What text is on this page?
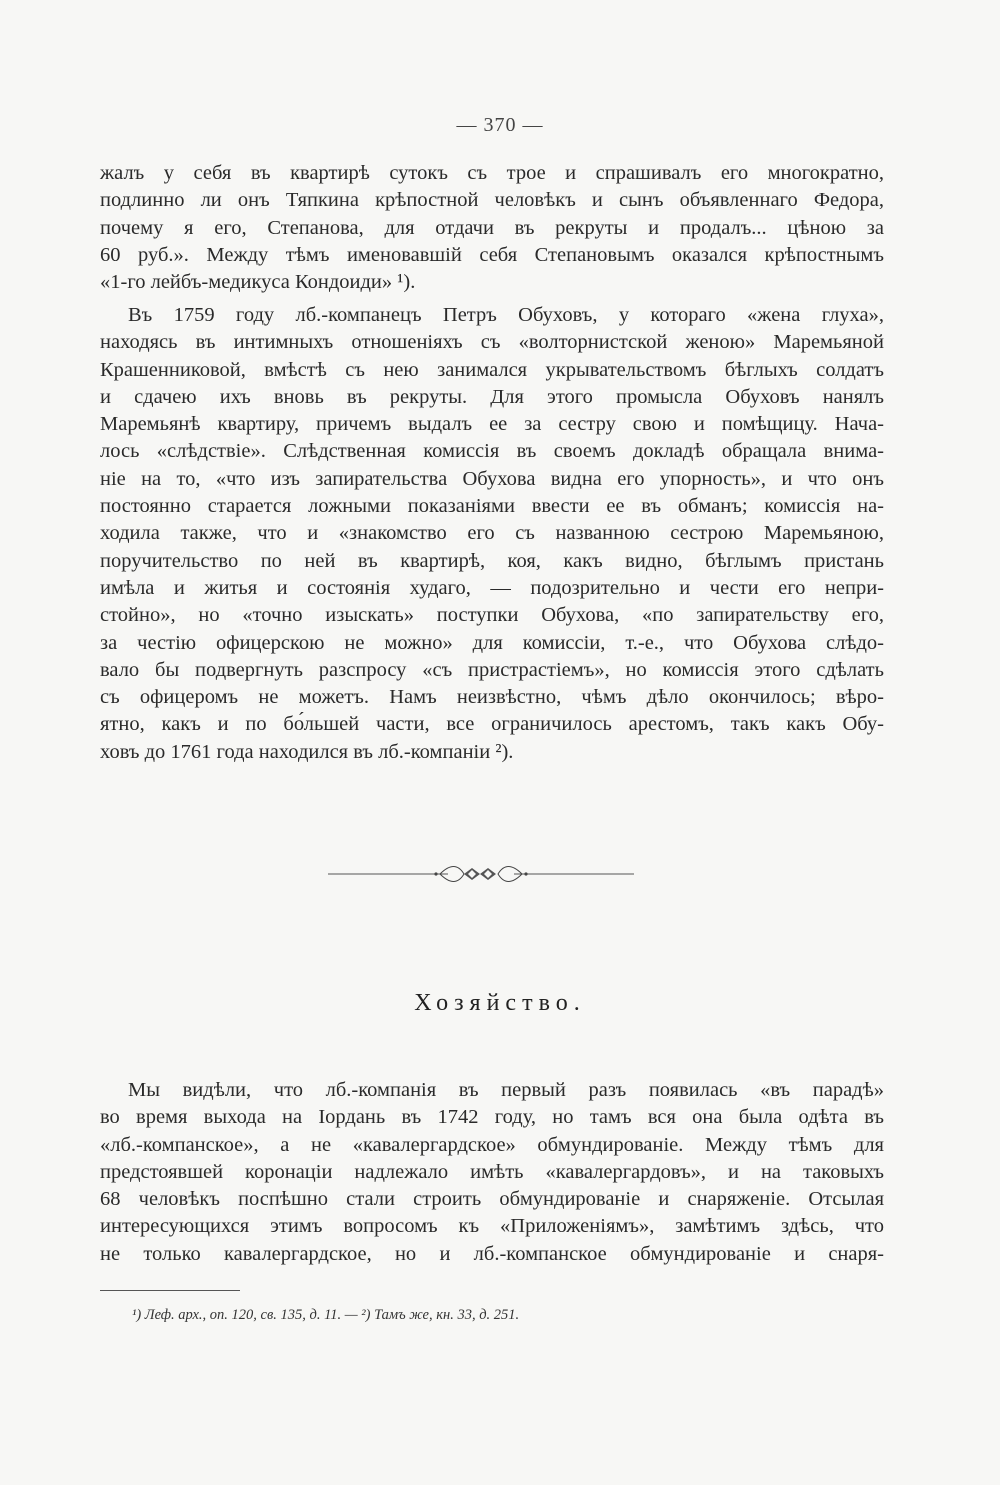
— 370 —
жалъ у себя въ квартирѣ сутокъ съ трое и спрашивалъ его многократно,
подлинно ли онъ Тяпкина крѣпостной человѣкъ и сынъ объявленнаго Федора,
почему я его, Степанова, для отдачи въ рекруты и продалъ... цѣною за
60 руб.». Между тѣмъ именовавшій себя Степановымъ оказался крѣпостнымъ
«1-го лейбъ-медикуса Кондоиди» ¹).
Въ 1759 году лб.-компанецъ Петръ Обуховъ, у котораго «жена глуха»,
находясь въ интимныхъ отношеніяхъ съ «волторнистской женою» Маремьяной
Крашенниковой, вмѣстѣ съ нею занимался укрывательствомъ бѣглыхъ солдатъ
и сдачею ихъ вновь въ рекруты. Для этого промысла Обуховъ нанялъ
Маремьянѣ квартиру, причемъ выдалъ ее за сестру свою и помѣщицу. Нача-
лось «слѣдствіе». Слѣдственная комиссія въ своемъ докладѣ обращала внима-
ніе на то, «что изъ запирательства Обухова видна его упорность», и что онъ
постоянно старается ложными показаніями ввести ее въ обманъ; комиссія на-
ходила также, что и «знакомство его съ названною сестрою Маремьяною,
поручительство по ней въ квартирѣ, коя, какъ видно, бѣглымъ пристань
имѣла и житья и состоянія худаго, — подозрительно и чести его непри-
стойно», но «точно изыскать» поступки Обухова, «по запирательству его,
за честію офицерскою не можно» для комиссіи, т.-е., что Обухова слѣдо-
вало бы подвергнуть разспросу «съ пристрастіемъ», но комиссія этого сдѣлать
съ офицеромъ не можетъ. Намъ неизвѣстно, чѣмъ дѣло окончилось; вѣро-
ятно, какъ и по бо́льшей части, все ограничилось арестомъ, такъ какъ Обу-
ховъ до 1761 года находился въ лб.-компаніи ²).
Хозяйство.
Мы видѣли, что лб.-компанія въ первый разъ появилась «въ парадѣ»
во время выхода на Іордань въ 1742 году, но тамъ вся она была одѣта въ
«лб.-компанское», а не «кавалергардское» обмундированіе. Между тѣмъ для
предстоявшей коронаціи надлежало имѣть «кавалергардовъ», и на таковыхъ
68 человѣкъ поспѣшно стали строить обмундированіе и снаряженіе. Отсылая
интересующихся этимъ вопросомъ къ «Приложеніямъ», замѣтимъ здѣсь, что
не только кавалергардское, но и лб.-компанское обмундированіе и снаря-
¹) Леф. арх., оп. 120, св. 135, д. 11. — ²) Тамъ же, кн. 33, д. 251.
